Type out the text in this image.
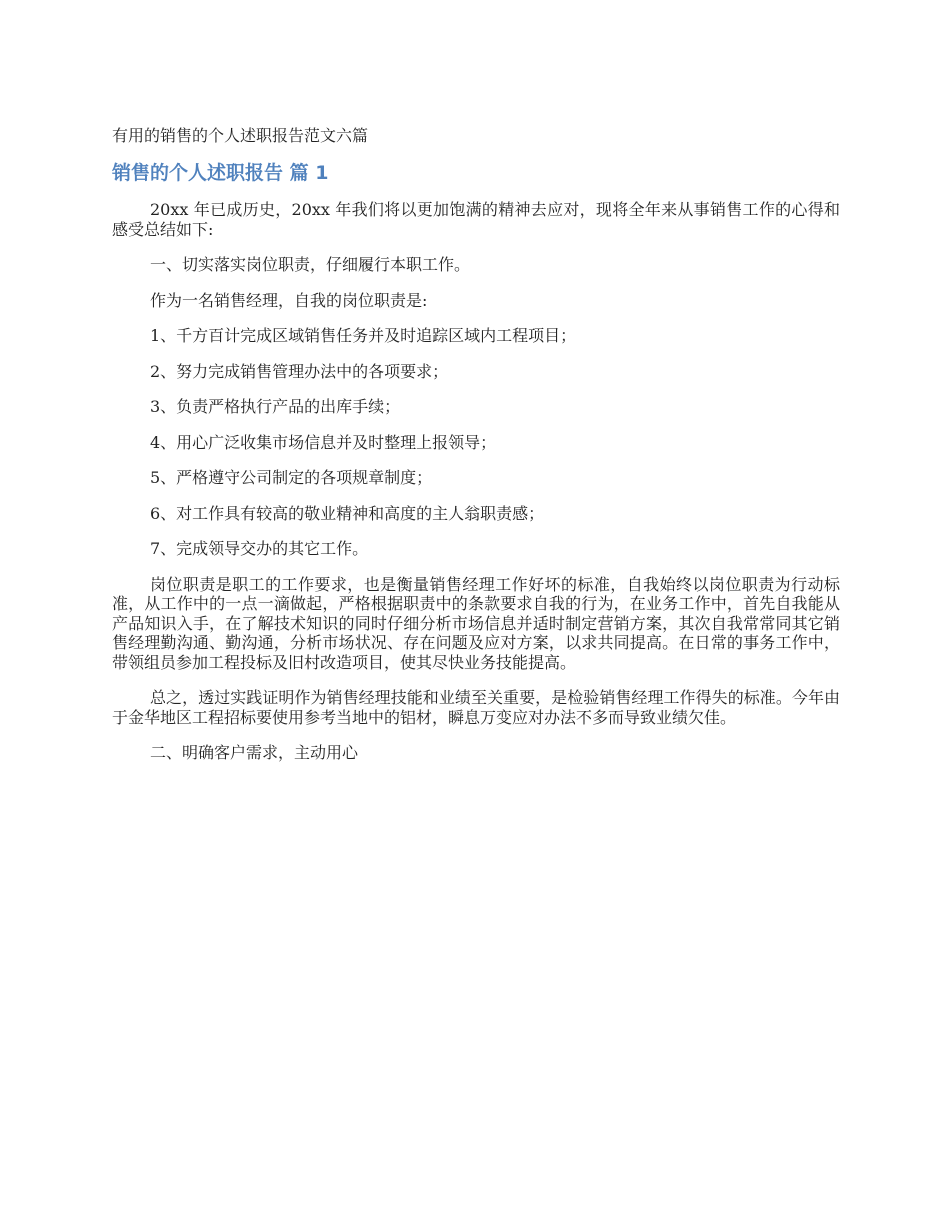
有用的销售的个人述职报告范文六篇
销售的个人述职报告 篇 1

20xx 年已成历史，20xx 年我们将以更加饱满的精神去应对，现将全年来从事销售工作的心得和感受总结如下:

一、切实落实岗位职责，仔细履行本职工作。

作为一名销售经理，自我的岗位职责是:

1、千方百计完成区域销售任务并及时追踪区域内工程项目；

2、努力完成销售管理办法中的各项要求；

3、负责严格执行产品的出库手续；

4、用心广泛收集市场信息并及时整理上报领导；

5、严格遵守公司制定的各项规章制度；

6、对工作具有较高的敬业精神和高度的主人翁职责感；

7、完成领导交办的其它工作。

岗位职责是职工的工作要求，也是衡量销售经理工作好坏的标准，自我始终以岗位职责为行动标准，从工作中的一点一滴做起，严格根据职责中的条款要求自我的行为，在业务工作中，首先自我能从产品知识入手，在了解技术知识的同时仔细分析市场信息并适时制定营销方案，其次自我常常同其它销售经理勤沟通、勤沟通，分析市场状况、存在问题及应对方案，以求共同提高。在日常的事务工作中，带领组员参加工程投标及旧村改造项目，使其尽快业务技能提高。

总之，透过实践证明作为销售经理技能和业绩至关重要，是检验销售经理工作得失的标准。今年由于金华地区工程招标要使用参考当地中的铝材，瞬息万变应对办法不多而导致业绩欠佳。

二、明确客户需求，主动用心
